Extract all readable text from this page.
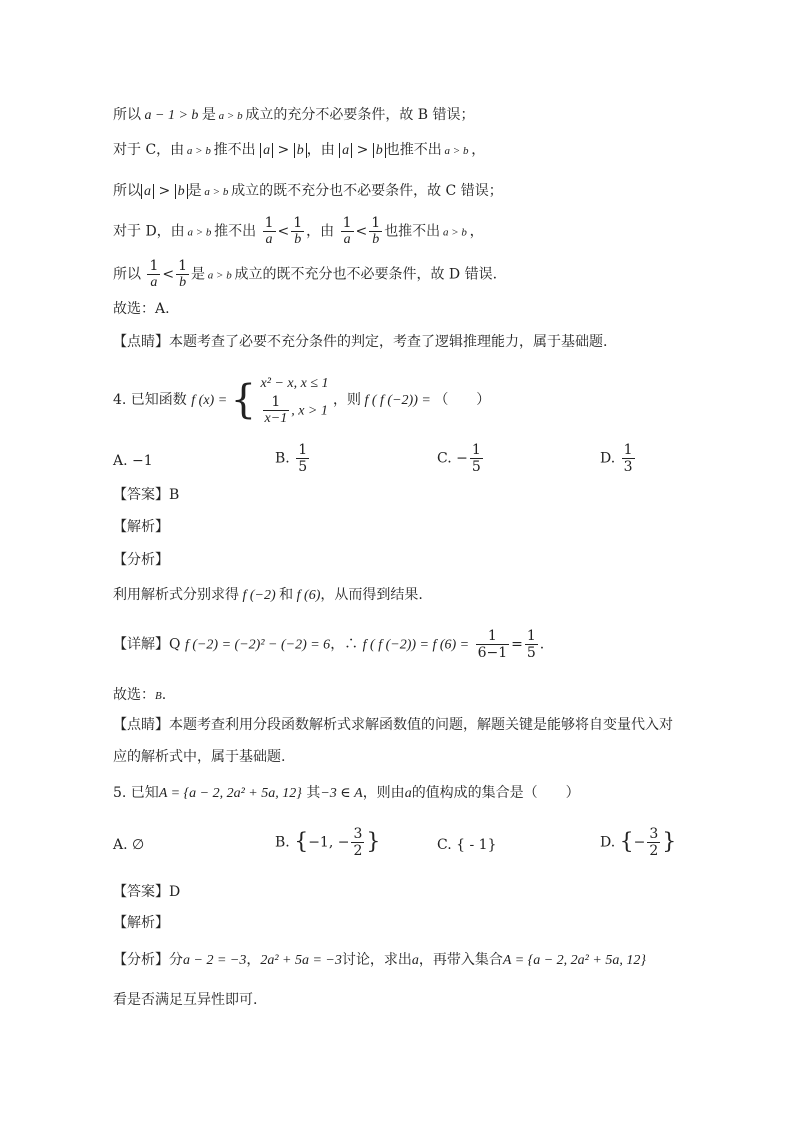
所以 a − 1 > b 是 a > b 成立的充分不必要条件，故 B 错误；
对于 C，由 a > b 推不出 a > b ，由 a > b 也推不出 a > b ，
所以 a > b 是 a > b 成立的既不充分也不必要条件，故 C 错误；
对于 D，由 a > b 推不出 $\frac{1}{a} < \frac{1}{b}$ ，由 $\frac{1}{a} < \frac{1}{b}$ 也推不出 a > b ，
所以 $\frac{1}{a} < \frac{1}{b}$ 是 a > b 成立的既不充分也不必要条件，故 D 错误.
故选：A.
【点睛】本题考查了必要不充分条件的判定，考查了逻辑推理能力，属于基础题.
4. 已知函数 f (x) = { x² − x, x ≤ 1
$\frac{1}{x-1}$ , x > 1
，则 f ( f (−2)) = （　　）
A. −1	B. $\frac{1}{5}$	C. − $\frac{1}{5}$	D. $\frac{1}{3}$
【答案】B
【解析】
【分析】
利用解析式分别求得 f (−2) 和 f (6)，从而得到结果.
【详解】Q f (−2) = (−2)² − (−2) = 6，∴ f ( f (−2)) = f $(6) = \frac{1}{6-1} = \frac{1}{5}$ .
故选：B.
【点睛】本题考查利用分段函数解析式求解函数值的问题，解题关键是能够将自变量代入对
应的解析式中，属于基础题.
5. 已知A = {a − 2, 2a² + 5a, 12} 其−3 ∈ A，则由a的值构成的集合是（　　）
A. ∅	B. {−1, − $\frac{3}{2}$ }	C. { - 1}	D. {− $\frac{3}{2}$ }
【答案】D
【解析】
【分析】分a − 2 = −3，2a² + 5a = −3讨论，求出a，再带入集合A = {a − 2, 2a² + 5a, 12}
看是否满足互异性即可.
